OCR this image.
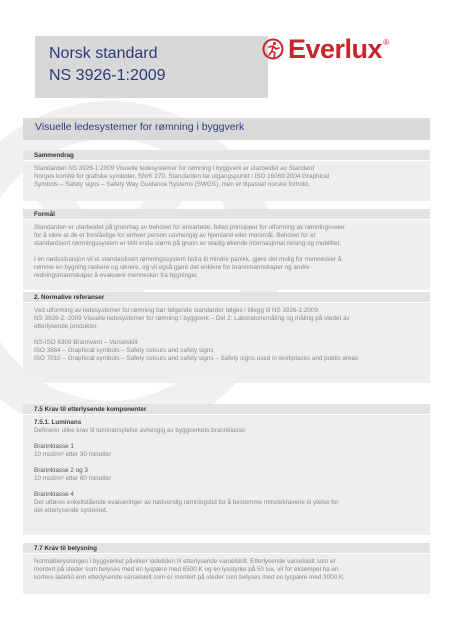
Norsk standard
NS 3926-1:2009
Everlux ®
Visuelle ledesystemer for rømning i byggverk
Sammendrag
Standarden NS 3926-1:2009 Visuelle ledesystemer for rømning i byggverk er utarbeidet av Standard
Norges komité for grafiske symboler, SN/K 270. Standarden tar utgangspunkt i ISO 16069:2004 Graphical
Symbols – Safety signs – Safety Way Guidance Systems (SWGS), men er tilpasset norske forhold.
Formål
Standarden er utarbeidet på grunnlag av behovet for ensartede, felles prinsipper for utforming av rømningsveier
for å sikre at de er forståelige for enhver person uavhengig av hjemland eller morsmål. Behovet for et
standardisert rømningssystem er blitt enda større på grunn av stadig økende internasjonal reising og mobilitet.
I en nødssituasjon vil et standardisert rømningssystem bidra til mindre panikk, gjøre det mulig for mennesker å
rømme en bygning raskere og sikrere, og vil også gjøre det enklere for brannmannskaper og andre
redningsmannskaper å evakuere mennesker fra bygninger.
2. Normative referanser
Ved utforming av ledesystemer for rømning bør følgende standarder følges i tillegg til NS 3926-1:2009:
NS 3926-2: 2009 Visuelle ledesystemer for rømning i byggverk – Del 2: Laboratoriemåling og måling på stedet av
etterlysende produkter.
NS-ISO 6309 Brannvern – Varselskilt
ISO 3864 – Graphical symbols – Safety colours and safety signs
ISO 7010 – Graphical symbols – Safety colours and safety signs – Safety signs used in workplaces and public areas
7.5 Krav til etterlysende komponenter
7.5.1. Luminans
Definerer ulike krav til luminansytelse avhengig av byggverkets brannklasse:
Brannklasse 1
10 mcd/m² etter 30 minutter
Brannklasse 2 og 3
10 mcd/m² etter 60 minutter
Brannklasse 4
Det utføres enkeltstående evalueringer av nødvendig rømningstid for å bestemme minstekravene til ytelse for
det etterlysende systemet.
7.7 Krav til belysning
Normalbelysningen i byggverket påvirker ladetiden til etterlysende varselskilt. Etterlysende varselskilt som er
montert på steder som belyses med en lyspære med 6500 K og en lysstyrke på 50 lux, vil for eksempel ha en
kortere ladetid enn etterlysende varselskilt som er montert på steder som belyses med en lyspære med 3000 K.
